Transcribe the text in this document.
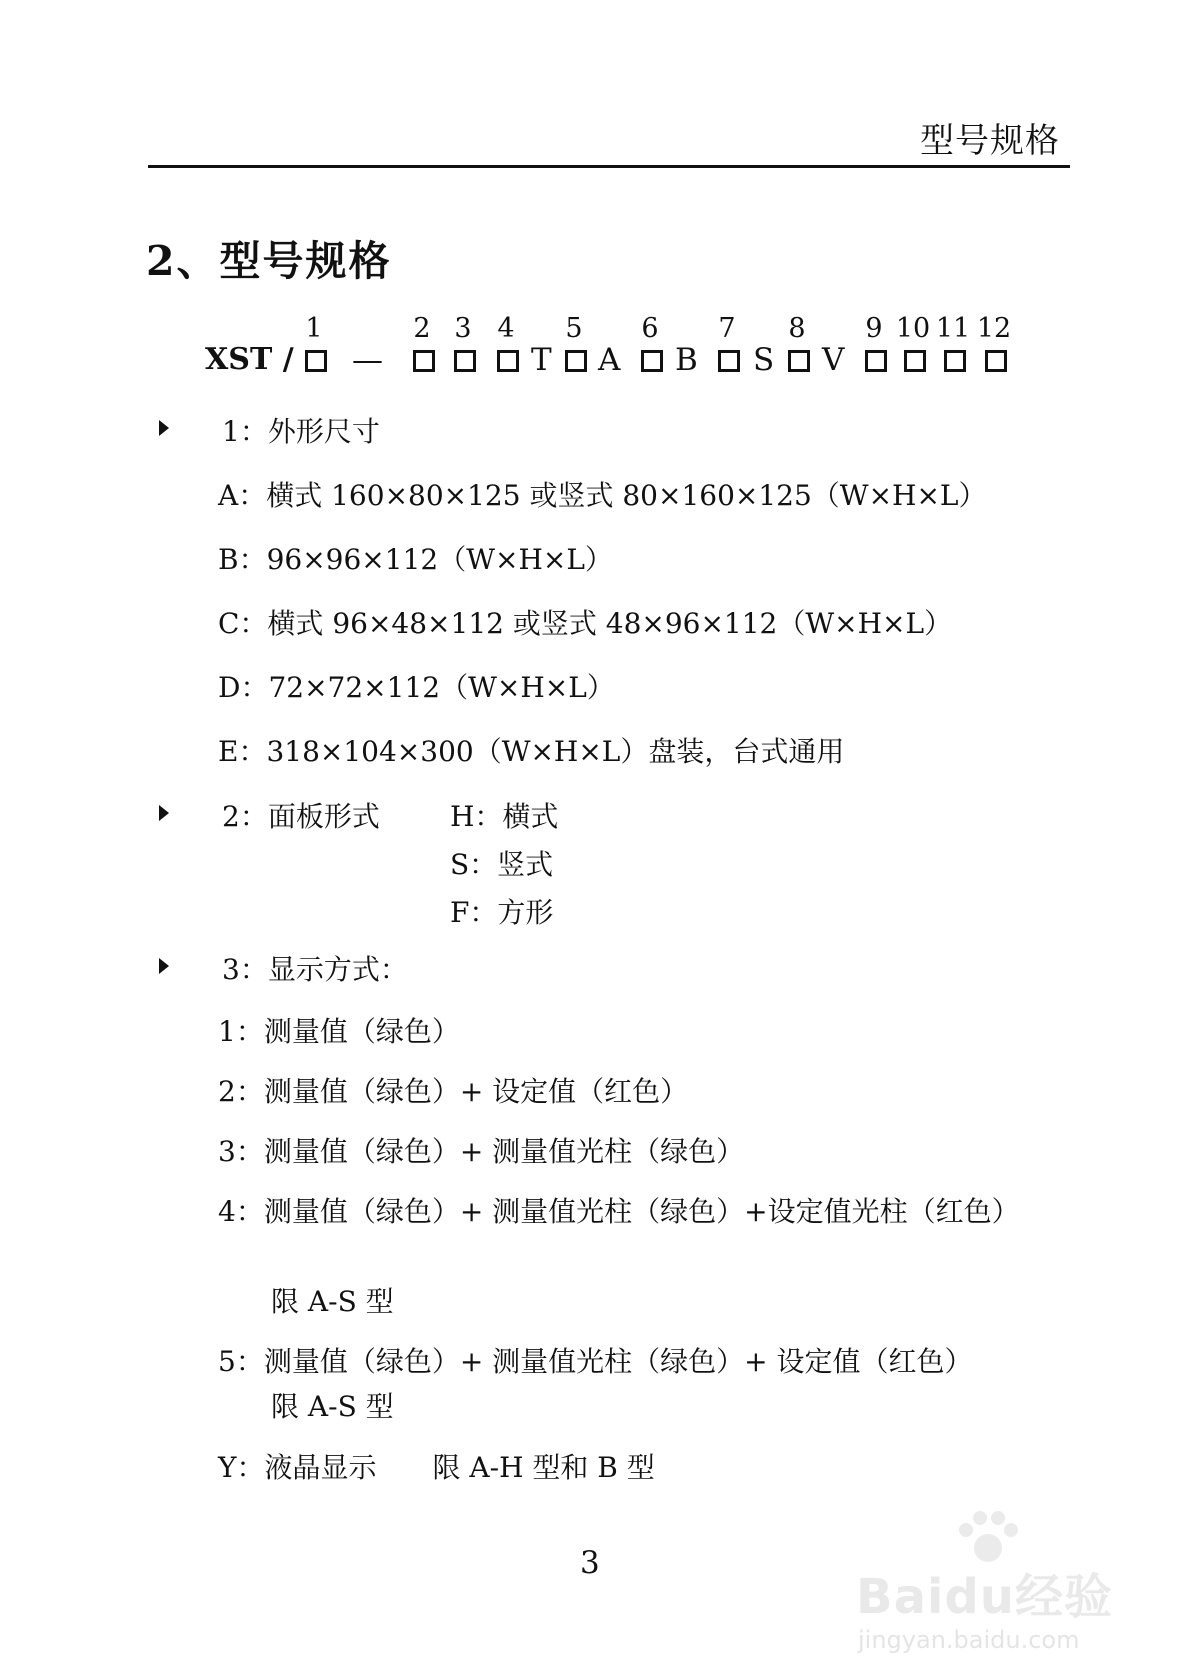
型号规格
2、型号规格
1	2 3 4	5	6	7	8	9 10 11 12
XST / —	T A B S V
1：外形尺寸
A：横式 160×80×125 或竖式 80×160×125（W×H×L）
B：96×96×112（W×H×L）
C：横式 96×48×112 或竖式 48×96×112（W×H×L）
D：72×72×112（W×H×L）
E：318×104×300（W×H×L）盘装，台式通用
2：面板形式	H：横式
S：竖式
F：方形
3：显示方式：
1：测量值（绿色）
2：测量值（绿色）+ 设定值（红色）
3：测量值（绿色）+ 测量值光柱（绿色）
4：测量值（绿色）+ 测量值光柱（绿色）+设定值光柱（红色）
限 A-S 型
5：测量值（绿色）+ 测量值光柱（绿色）+ 设定值（红色）
限 A-S 型
Y：液晶显示　　限 A-H 型和 B 型
3
Baidu经验
jingyan.baidu.com
